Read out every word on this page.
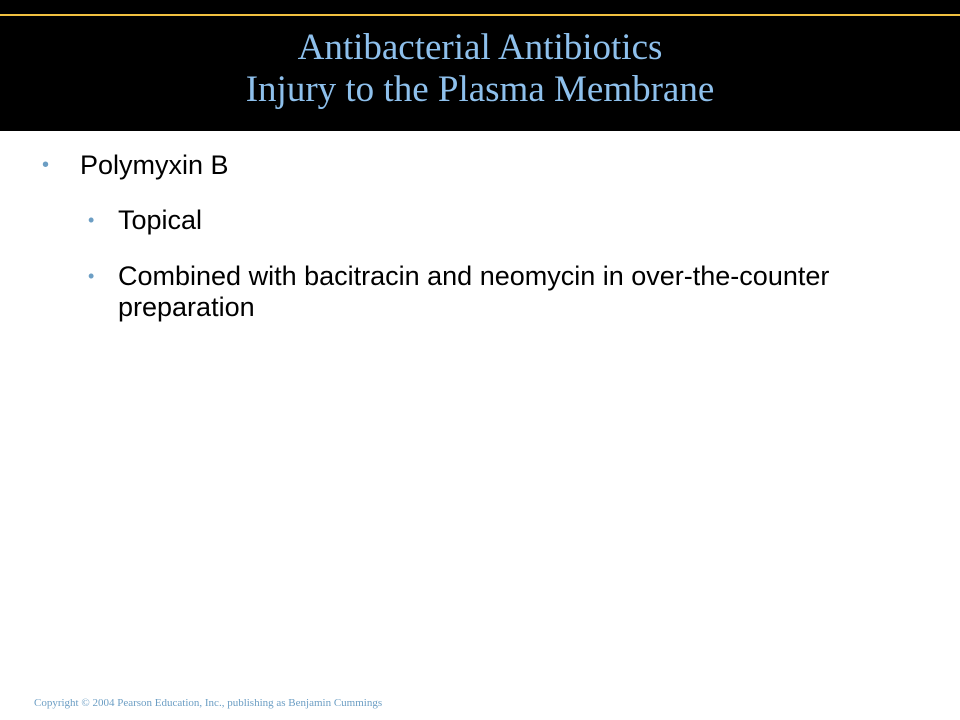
Antibacterial Antibiotics
Injury to the Plasma Membrane
• Polymyxin B
• Topical
• Combined with bacitracin and neomycin in over-the-counter preparation
Copyright © 2004 Pearson Education, Inc., publishing as Benjamin Cummings
